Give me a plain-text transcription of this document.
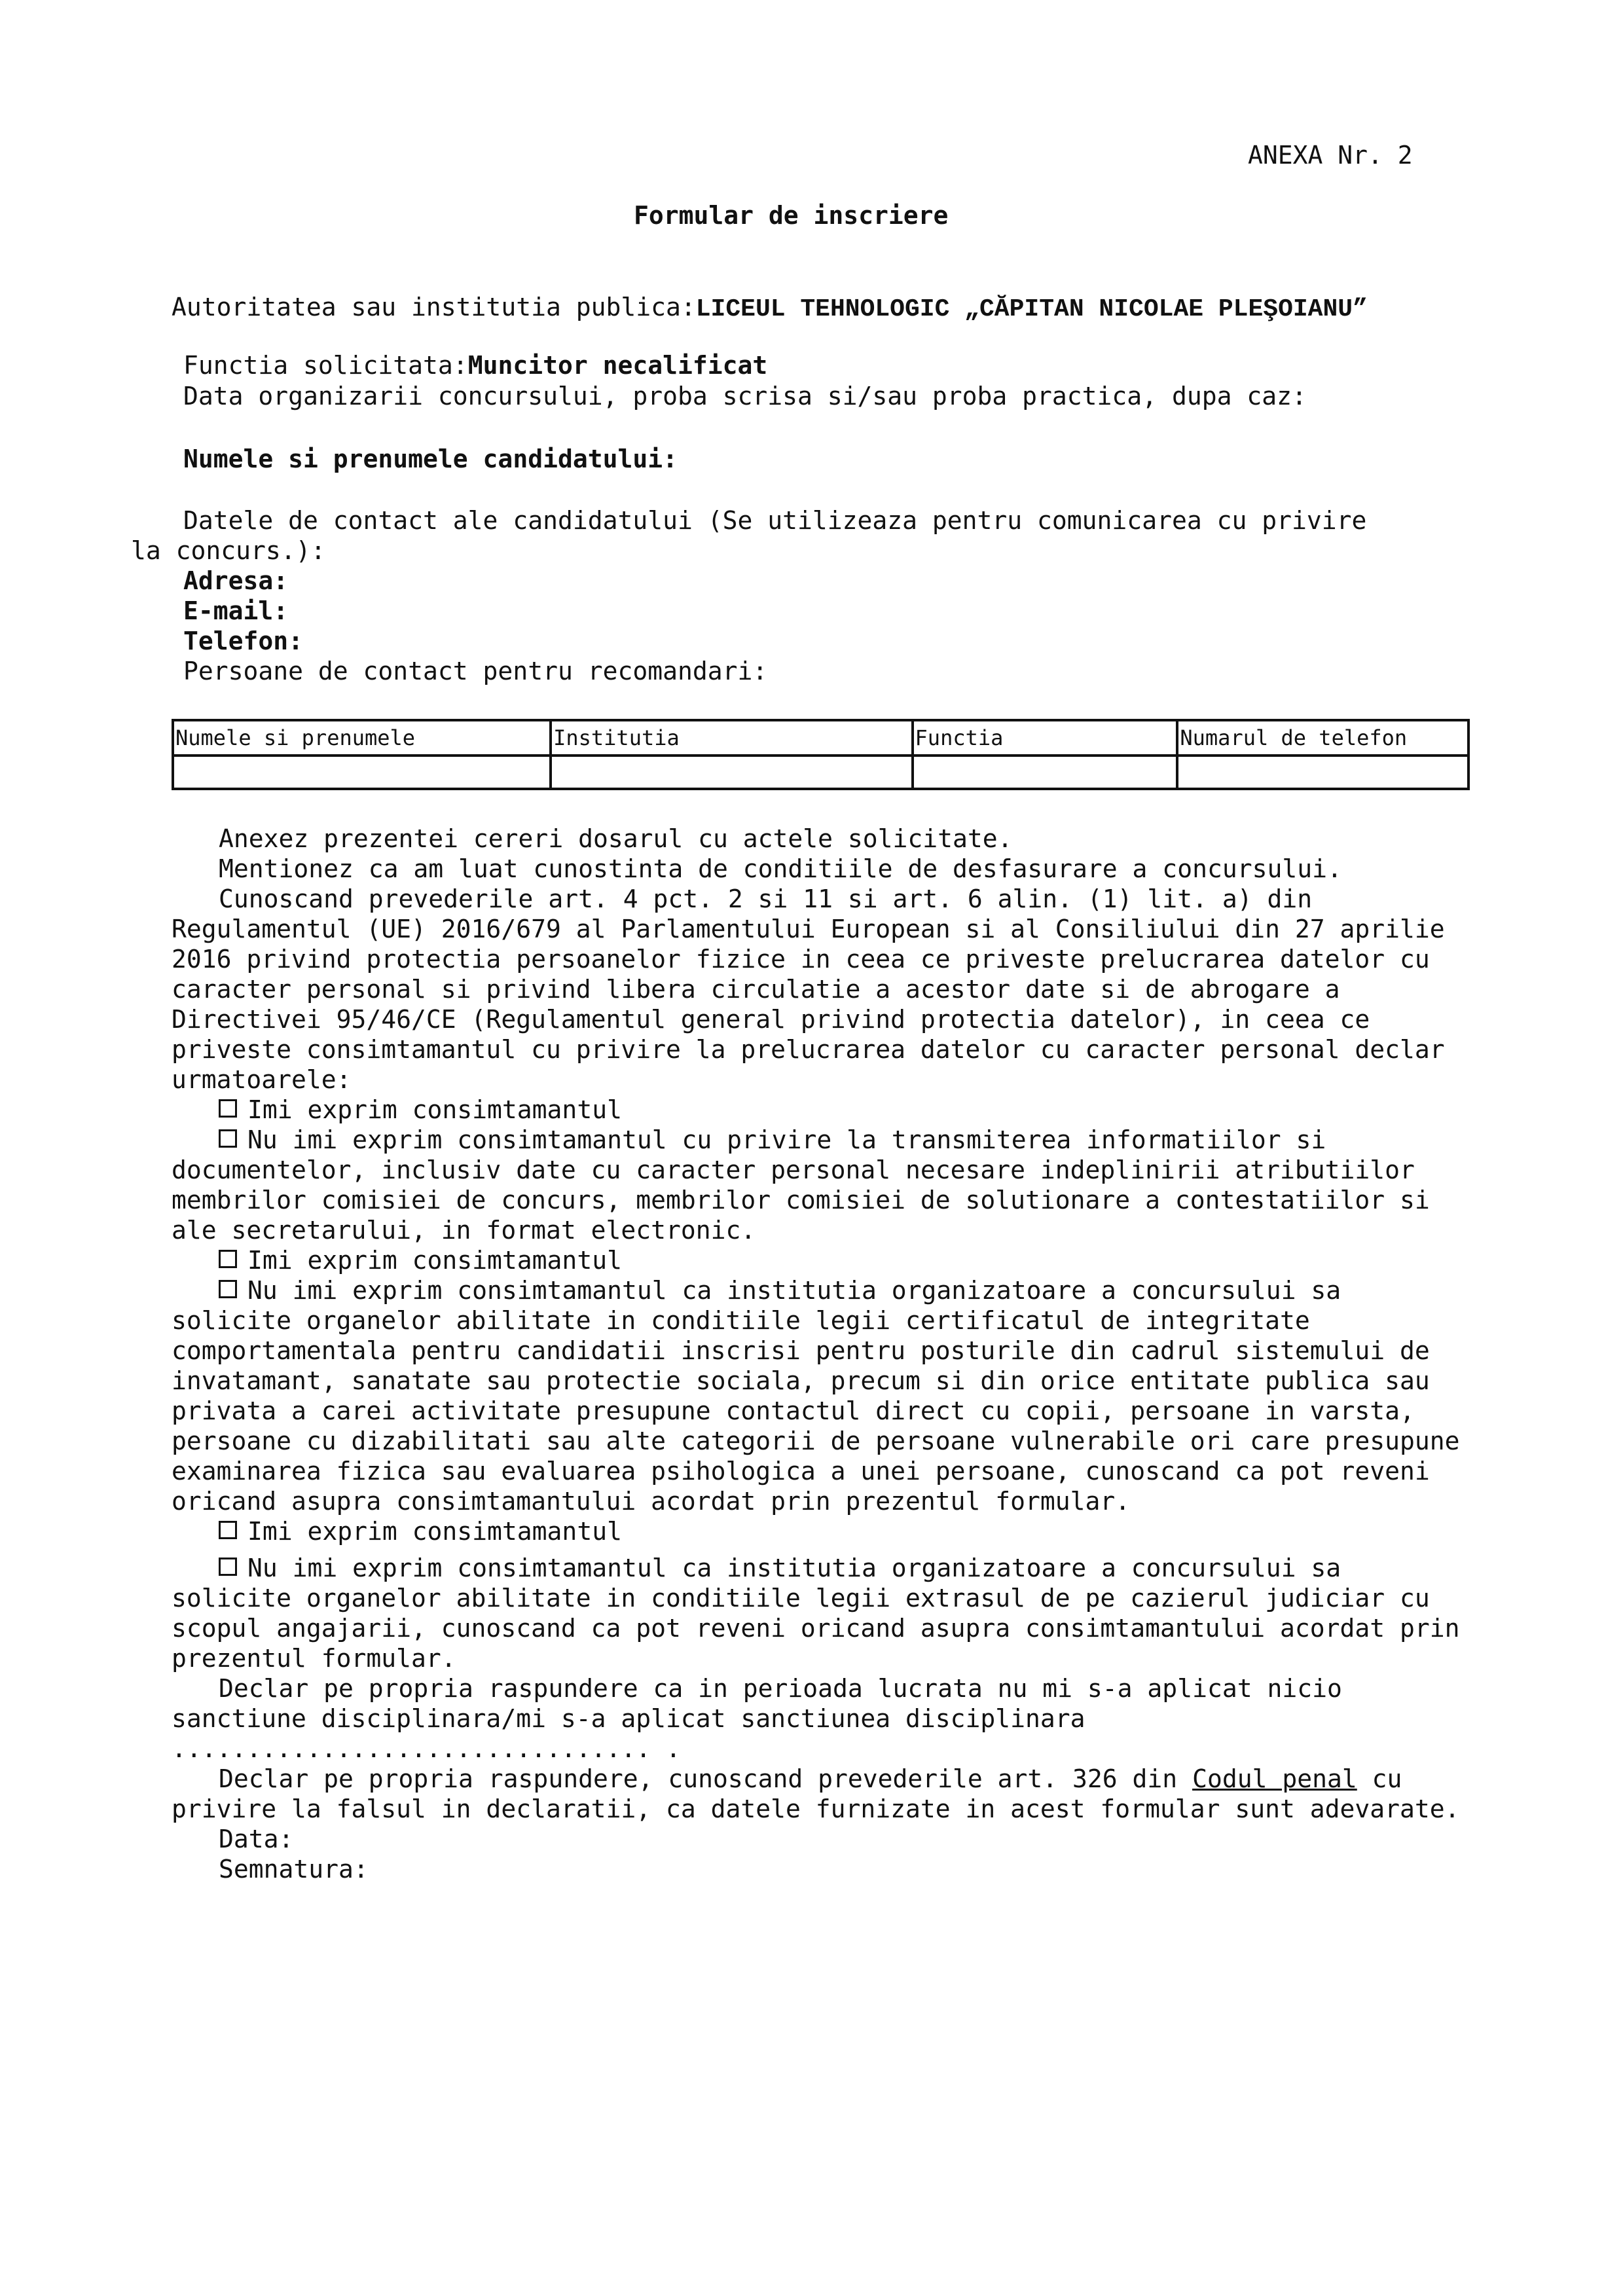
ANEXA Nr. 2
Formular de inscriere
Autoritatea sau institutia publica:LICEUL TEHNOLOGIC „CĂPITAN NICOLAE PLEŞOIANU”
Functia solicitata:Muncitor necalificat
Data organizarii concursului, proba scrisa si/sau proba practica, dupa caz:
Numele si prenumele candidatului:
Datele de contact ale candidatului (Se utilizeaza pentru comunicarea cu privire
la concurs.):
Adresa:
E-mail:
Telefon:
Persoane de contact pentru recomandari:
Numele si prenumele	Institutia	Functia	Numarul de telefon

Anexez prezentei cereri dosarul cu actele solicitate.

Mentionez ca am luat cunostinta de conditiile de desfasurare a concursului.

Cunoscand prevederile art. 4 pct. 2 si 11 si art. 6 alin. (1) lit. a) din Regulamentul (UE) 2016/679 al Parlamentului European si al Consiliului din 27 aprilie 2016 privind protectia persoanelor fizice in ceea ce priveste prelucrarea datelor cu caracter personal si privind libera circulatie a acestor date si de abrogare a Directivei 95/46/CE (Regulamentul general privind protectia datelor), in ceea ce priveste consimtamantul cu privire la prelucrarea datelor cu caracter personal declar urmatoarele:

Imi exprim consimtamantul

Nu imi exprim consimtamantul cu privire la transmiterea informatiilor si documentelor, inclusiv date cu caracter personal necesare indeplinirii atributiilor membrilor comisiei de concurs, membrilor comisiei de solutionare a contestatiilor si ale secretarului, in format electronic.

Imi exprim consimtamantul

Nu imi exprim consimtamantul ca institutia organizatoare a concursului sa solicite organelor abilitate in conditiile legii certificatul de integritate comportamentala pentru candidatii inscrisi pentru posturile din cadrul sistemului de invatamant, sanatate sau protectie sociala, precum si din orice entitate publica sau privata a carei activitate presupune contactul direct cu copii, persoane in varsta, persoane cu dizabilitati sau alte categorii de persoane vulnerabile ori care presupune examinarea fizica sau evaluarea psihologica a unei persoane, cunoscand ca pot reveni oricand asupra consimtamantului acordat prin prezentul formular.

Imi exprim consimtamantul

Nu imi exprim consimtamantul ca institutia organizatoare a concursului sa solicite organelor abilitate in conditiile legii extrasul de pe cazierul judiciar cu scopul angajarii, cunoscand ca pot reveni oricand asupra consimtamantului acordat prin prezentul formular.

Declar pe propria raspundere ca in perioada lucrata nu mi s-a aplicat nicio sanctiune disciplinara/mi s-a aplicat sanctiunea disciplinara

................................ .

Declar pe propria raspundere, cunoscand prevederile art. 326 din Codul penal cu privire la falsul in declaratii, ca datele furnizate in acest formular sunt adevarate.

Data:

Semnatura:
